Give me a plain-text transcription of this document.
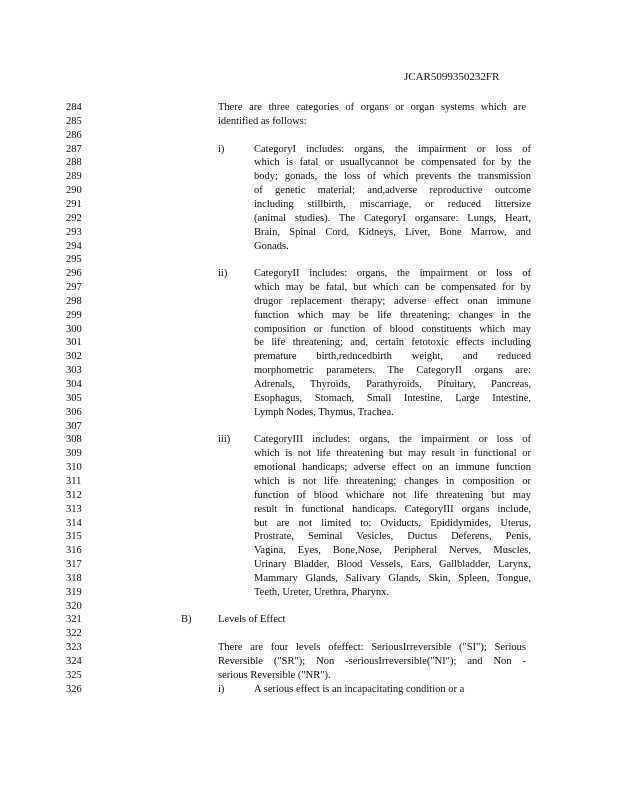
JCAR5099350232FR
284	There are three categories of organs or organ systems which are
285	identified as follows:
286
287	i)	CategoryI includes: organs, the impairment or loss of
288	which is fatal or usuallycannot be compensated for by the
289	body; gonads, the loss of which prevents the transmission
290	of genetic material; and,adverse reproductive outcome
291	including stillbirth, miscarriage, or reduced littersize
292	(animal studies). The CategoryI organsare: Lungs, Heart,
293	Brain, Spinal Cord, Kidneys, Liver, Bone Marrow, and
294	Gonads.
295
296	ii)	CategoryII includes: organs, the impairment or loss of
297	which may be fatal, but which can be compensated for by
298	drugor replacement therapy; adverse effect onan immune
299	function which may be life threatening; changes in the
300	composition or function of blood constituents which may
301	be life threatening; and, certain fetotoxic effects including
302	premature birth,reducedbirth weight, and reduced
303	morphometric parameters. The CategoryII organs are:
304	Adrenals, Thyroids, Parathyroids, Pituitary, Pancreas,
305	Esophagus, Stomach, Small Intestine, Large Intestine,
306	Lymph Nodes, Thymus, Trachea.
307
308	iii) CategoryIII includes: organs, the impairment or loss of
309	which is not life threatening but may result in functional or
310	emotional handicaps; adverse effect on an immune function
311	which is not life threatening; changes in composition or
312	function of blood whichare not life threatening but may
313	result in functional handicaps. CategoryIII organs include,
314	but are not limited to: Oviducts, Epididymides, Uterus,
315	Prostrate, Seminal Vesicles, Ductus Deferens, Penis,
316	Vagina, Eyes, Bone,Nose, Peripheral Nerves, Muscles,
317	Urinary Bladder, Blood Vessels, Ears, Gallbladder, Larynx,
318	Mammary Glands, Salivary Glands, Skin, Spleen, Tongue,
319	Teeth, Ureter, Urethra, Pharynx.
320
321	B)	Levels of Effect
322
323	There are four levels ofeffect: SeriousIrreversible ("SI"); Serious
324	Reversible ("SR"); Non -seriousIrreversible("NI"); and Non -
325	serious Reversible ("NR").
326	i)	A serious effect is an incapacitating condition or a
